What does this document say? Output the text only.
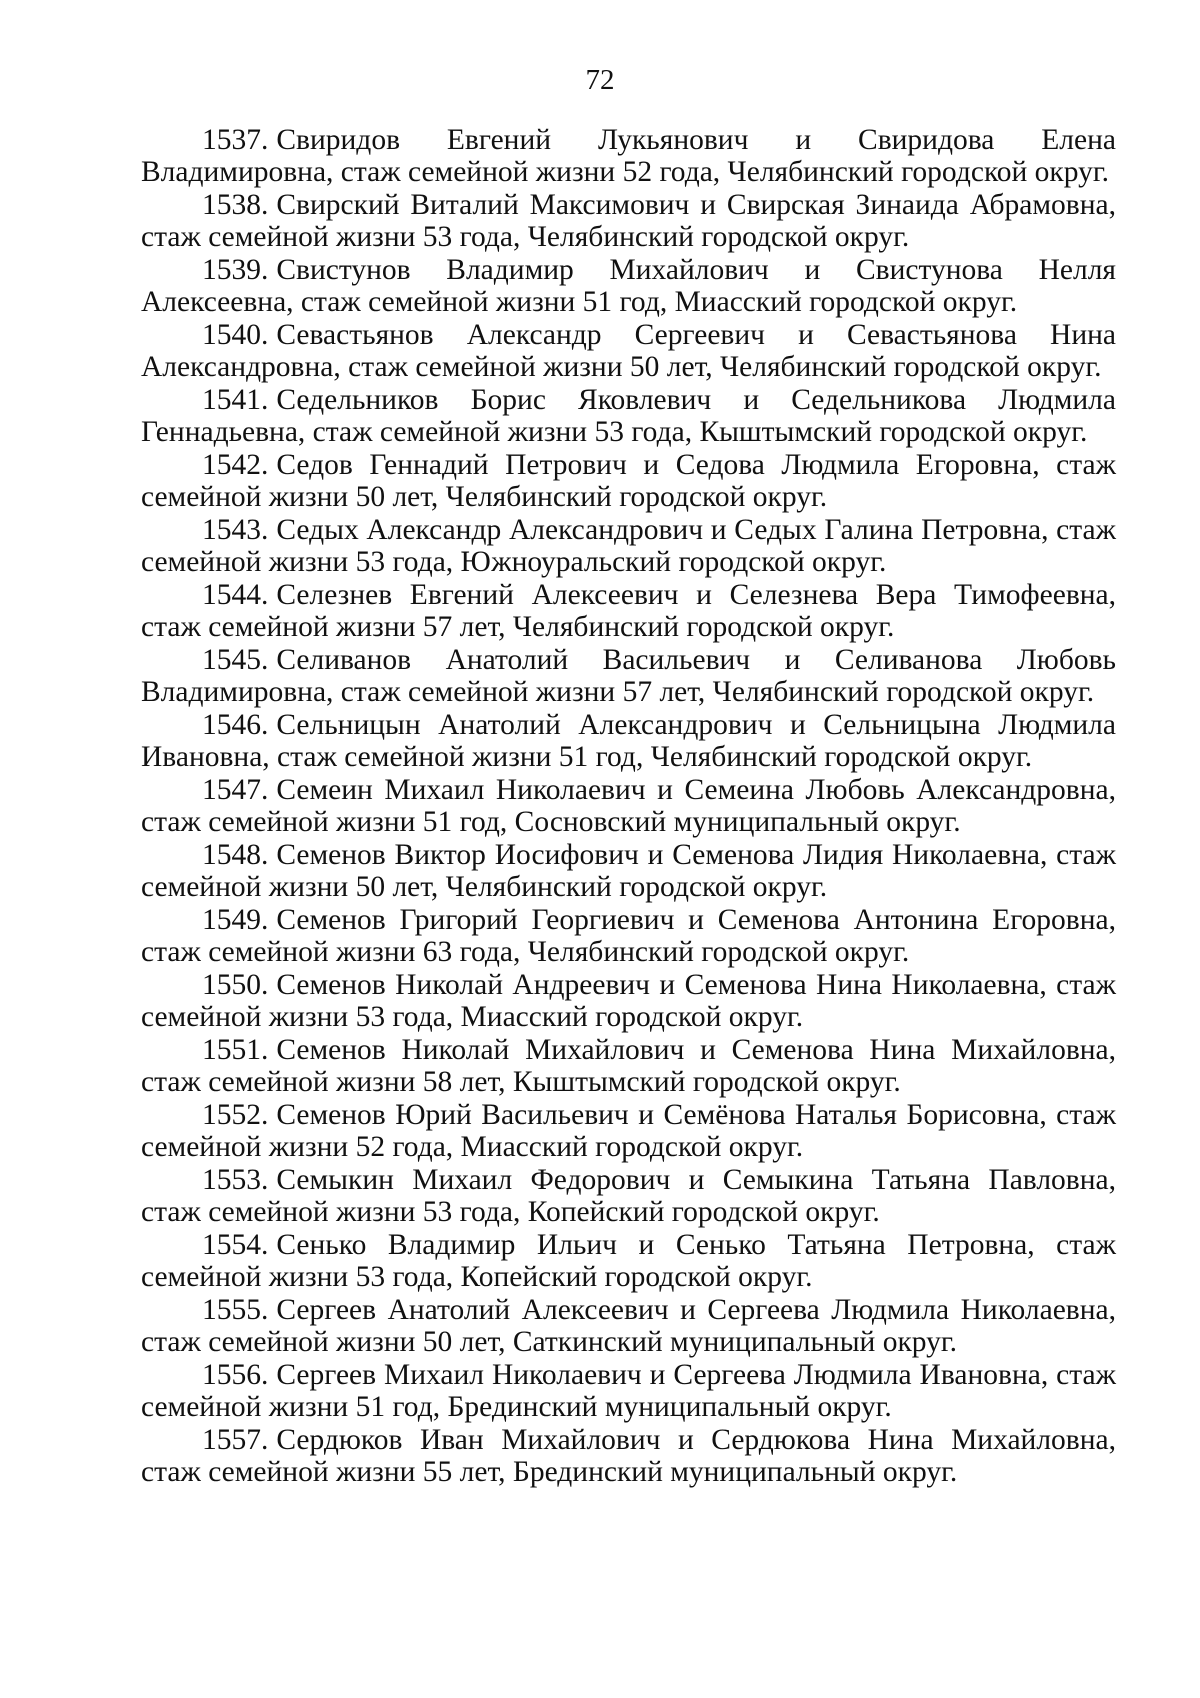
72

1537. Свиридов Евгений Лукьянович и Свиридова Елена Владимировна, стаж семейной жизни 52 года, Челябинский городской округ.

1538. Свирский Виталий Максимович и Свирская Зинаида Абрамовна, стаж семейной жизни 53 года, Челябинский городской округ.

1539. Свистунов Владимир Михайлович и Свистунова Нелля Алексеевна, стаж семейной жизни 51 год, Миасский городской округ.

1540. Севастьянов Александр Сергеевич и Севастьянова Нина Александровна, стаж семейной жизни 50 лет, Челябинский городской округ.

1541. Седельников Борис Яковлевич и Седельникова Людмила Геннадьевна, стаж семейной жизни 53 года, Кыштымский городской округ.

1542. Седов Геннадий Петрович и Седова Людмила Егоровна, стаж семейной жизни 50 лет, Челябинский городской округ.

1543. Седых Александр Александрович и Седых Галина Петровна, стаж семейной жизни 53 года, Южноуральский городской округ.

1544. Селезнев Евгений Алексеевич и Селезнева Вера Тимофеевна, стаж семейной жизни 57 лет, Челябинский городской округ.

1545. Селиванов Анатолий Васильевич и Селиванова Любовь Владимировна, стаж семейной жизни 57 лет, Челябинский городской округ.

1546. Сельницын Анатолий Александрович и Сельницына Людмила Ивановна, стаж семейной жизни 51 год, Челябинский городской округ.

1547. Семеин Михаил Николаевич и Семеина Любовь Александровна, стаж семейной жизни 51 год, Сосновский муниципальный округ.

1548. Семенов Виктор Иосифович и Семенова Лидия Николаевна, стаж семейной жизни 50 лет, Челябинский городской округ.

1549. Семенов Григорий Георгиевич и Семенова Антонина Егоровна, стаж семейной жизни 63 года, Челябинский городской округ.

1550. Семенов Николай Андреевич и Семенова Нина Николаевна, стаж семейной жизни 53 года, Миасский городской округ.

1551. Семенов Николай Михайлович и Семенова Нина Михайловна, стаж семейной жизни 58 лет, Кыштымский городской округ.

1552. Семенов Юрий Васильевич и Семёнова Наталья Борисовна, стаж семейной жизни 52 года, Миасский городской округ.

1553. Семыкин Михаил Федорович и Семыкина Татьяна Павловна, стаж семейной жизни 53 года, Копейский городской округ.

1554. Сенько Владимир Ильич и Сенько Татьяна Петровна, стаж семейной жизни 53 года, Копейский городской округ.

1555. Сергеев Анатолий Алексеевич и Сергеева Людмила Николаевна, стаж семейной жизни 50 лет, Саткинский муниципальный округ.

1556. Сергеев Михаил Николаевич и Сергеева Людмила Ивановна, стаж семейной жизни 51 год, Брединский муниципальный округ.

1557. Сердюков Иван Михайлович и Сердюкова Нина Михайловна, стаж семейной жизни 55 лет, Брединский муниципальный округ.
